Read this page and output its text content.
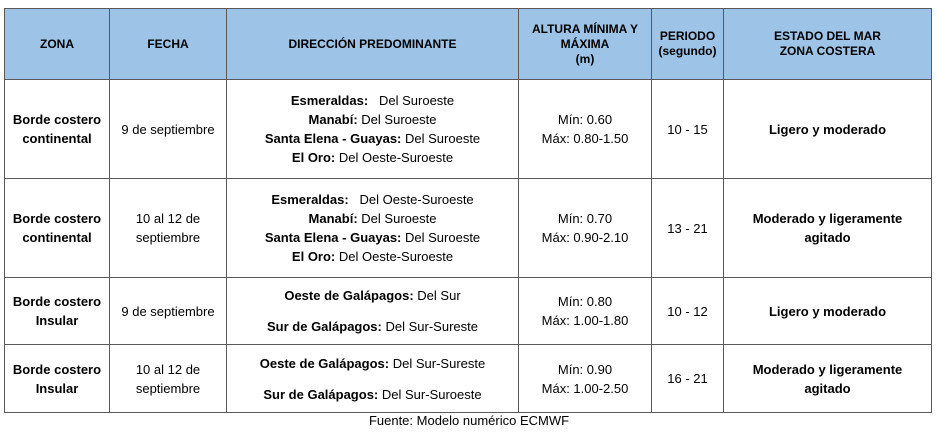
ZONA	FECHA	DIRECCIÓN PREDOMINANTE	ALTURA MÍNIMA Y
MÁXIMA
(m)	PERIODO
(segundo)	ESTADO DEL MAR
ZONA COSTERA

Borde costero
continental	9 de septiembre	Esmeraldas: Del Suroeste
Manabí: Del Suroeste
Santa Elena - Guayas: Del Suroeste
El Oro: Del Oeste-Suroeste	Mín: 0.60
Máx: 0.80-1.50	10 - 15	Ligero y moderado

Borde costero
continental	10 al 12 de
septiembre	Esmeraldas: Del Oeste-Suroeste
Manabí: Del Suroeste
Santa Elena - Guayas: Del Suroeste
El Oro: Del Oeste-Suroeste	Mín: 0.70
Máx: 0.90-2.10	13 - 21	Moderado y ligeramente
agitado

Borde costero
Insular	9 de septiembre	Oeste de Galápagos: Del Sur
Sur de Galápagos: Del Sur-Sureste	Mín: 0.80
Máx: 1.00-1.80	10 - 12	Ligero y moderado

Borde costero
Insular	10 al 12 de
septiembre	Oeste de Galápagos: Del Sur-Sureste
Sur de Galápagos: Del Sur-Suroeste	Mín: 0.90
Máx: 1.00-2.50	16 - 21	Moderado y ligeramente
agitado
Fuente: Modelo numérico ECMWF
